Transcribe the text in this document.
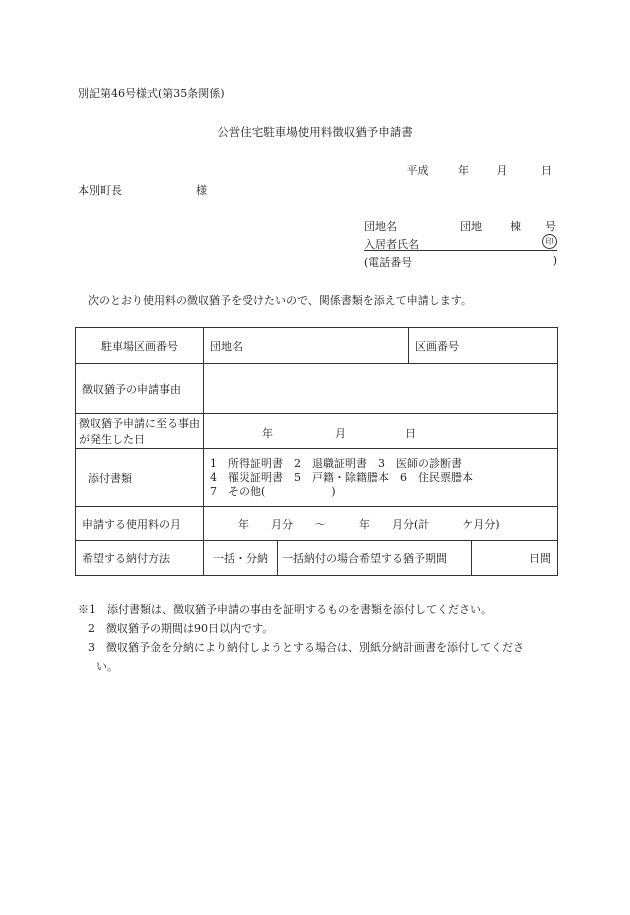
別記第46号様式(第35条関係)
公営住宅駐車場使用料徴収猶予申請書
平成	年	月	日
本別町長	様
団地名	団地	棟 号
入居者氏名	印
(電話番号	)
次のとおり使用料の徴収猶予を受けたいので、関係書類を添えて申請します。
駐車場区画番号	団地名		区画番号	
徴収猶予の申請事由				
徴収猶予申請に至る事由が発生した日	年 月 日			

添付書類	1　所得証明書　2　退職証明書　3　医師の診断書
4　罹災証明書　5　戸籍・除籍謄本　6　住民票謄本
7　その他(　　　　　　)			

申請する使用料の月	年　　月分　　〜　　　年　　月分(計　　　ケ月分)			
希望する納付方法	一括・分納	一括納付の場合希望する猶予期間		日間
※1　添付書類は、徴収猶予申請の事由を証明するものを書類を添付してください。
2　徴収猶予の期間は90日以内です。
3　徴収猶予金を分納により納付しようとする場合は、別紙分納計画書を添付してくださ
い。
